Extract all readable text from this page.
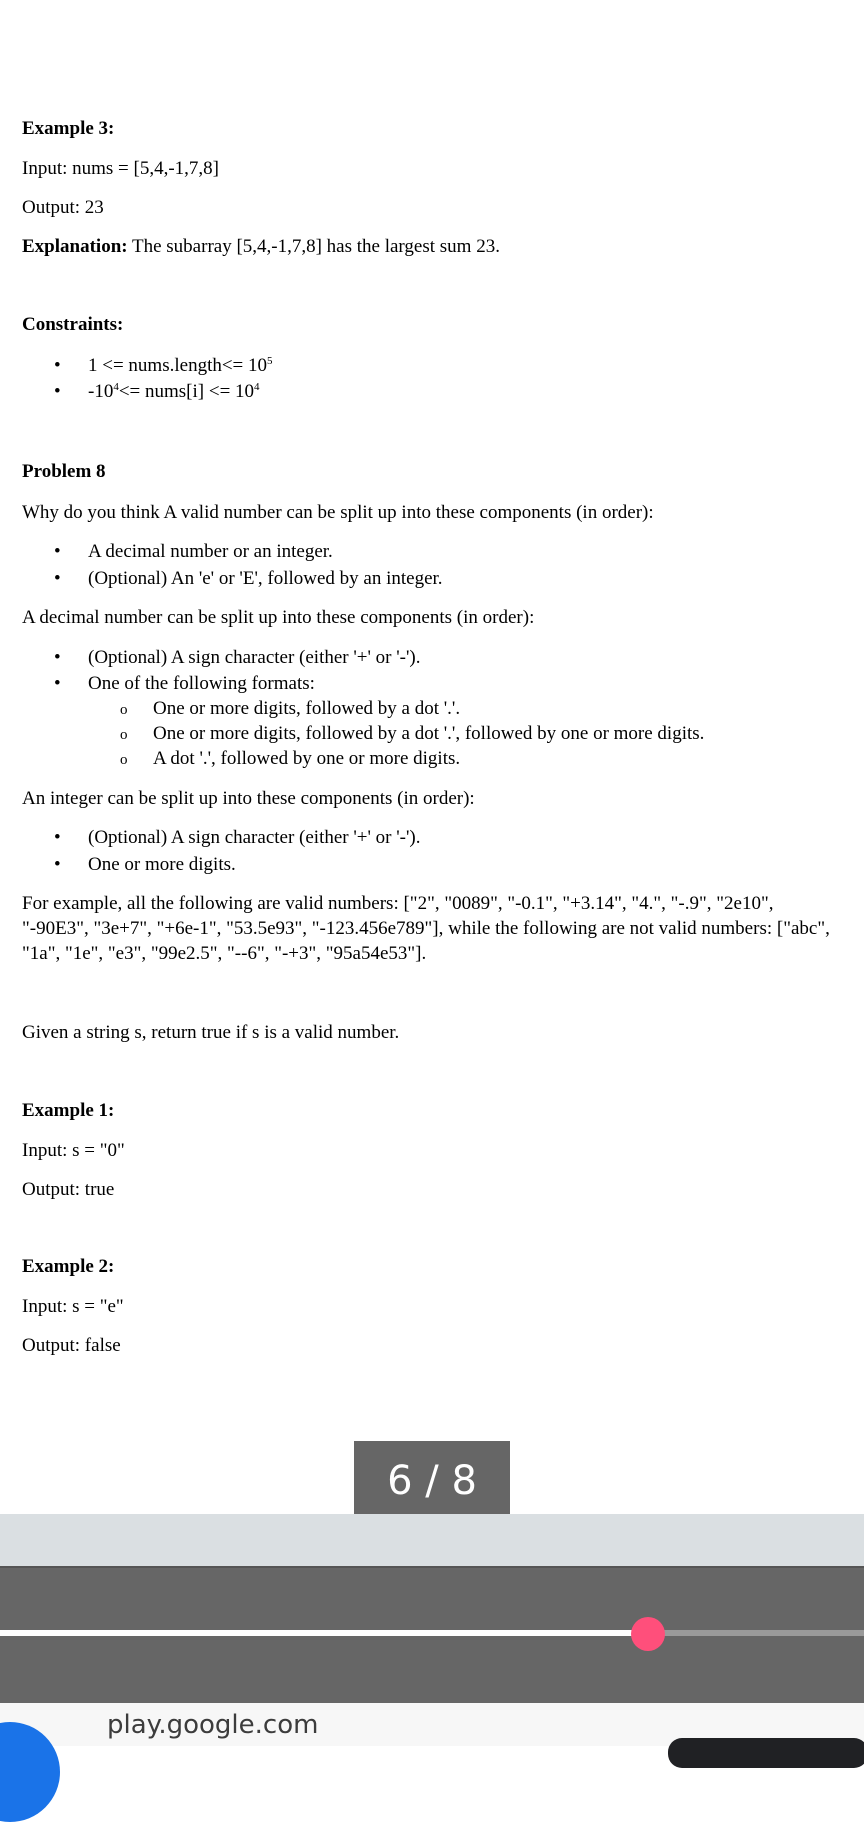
Example 3:
Input: nums = [5,4,-1,7,8]
Output: 23
Explanation: The subarray [5,4,-1,7,8] has the largest sum 23.
Constraints:
• 1 <= nums.length<= $10^5$
• $-10^4<=$ nums[i] <= $10^4$
Problem 8
Why do you think A valid number can be split up into these components (in order):
• A decimal number or an integer.
• (Optional) An 'e' or 'E', followed by an integer.
A decimal number can be split up into these components (in order):
• (Optional) A sign character (either '+' or '-').
• One of the following formats:
o One or more digits, followed by a dot '.'.
o One or more digits, followed by a dot '.', followed by one or more digits.
o A dot '.', followed by one or more digits.
An integer can be split up into these components (in order):
• (Optional) A sign character (either '+' or '-').
• One or more digits.
For example, all the following are valid numbers: ["2", "0089", "-0.1", "+3.14", "4.", "-.9", "2e10", "-90E3", "3e+7", "+6e-1", "53.5e93", "-123.456e789"], while the following are not valid numbers: ["abc", "1a", "1e", "e3", "99e2.5", "--6", "-+3", "95a54e53"].
Given a string s, return true if s is a valid number.
Example 1:
Input: s = "0"
Output: true
Example 2:
Input: s = "e"
Output: false
6 / 8
play.google.com
